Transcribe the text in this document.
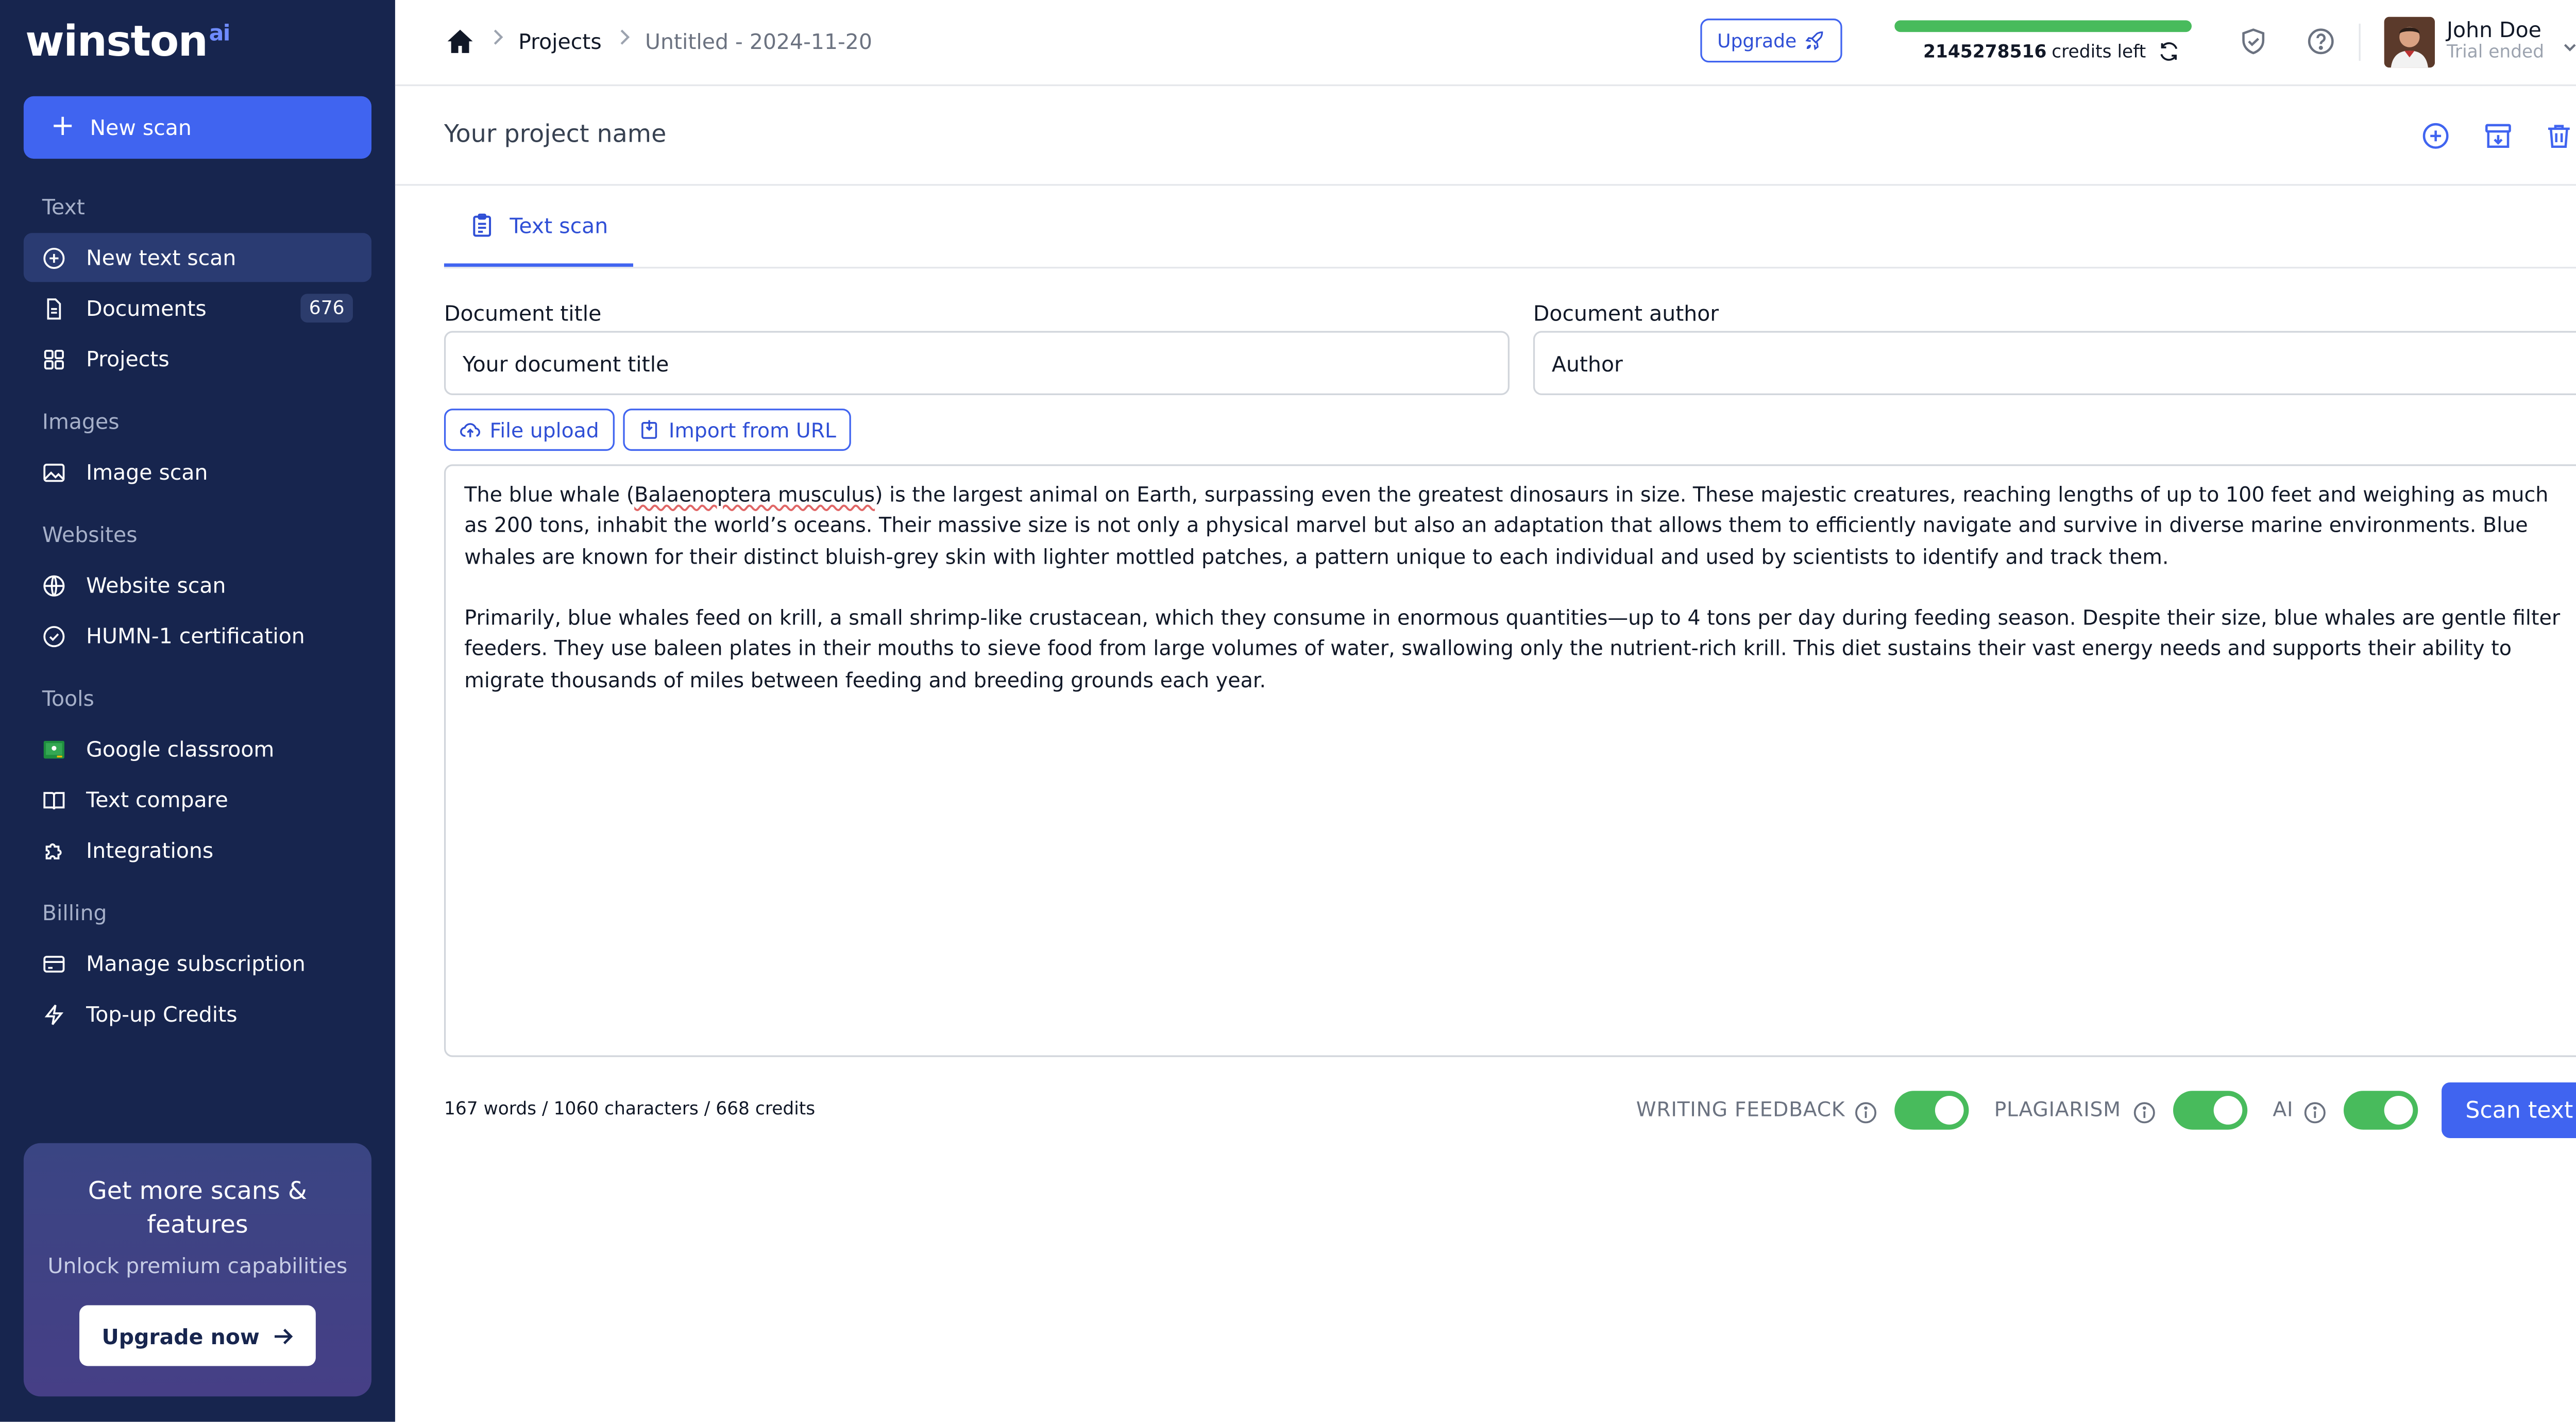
winston $^{ai}$
+ New scan
Text
New text scan
Documents	676
Projects
Images
Image scan
Websites
Website scan
HUMN-1 certification
Tools
Google classroom
Text compare
Integrations
Billing
Manage subscription
Top-up Credits
Get more scans & features
Unlock premium capabilities
Upgrade now
Projects	Untitled - 2024-11-20	Upgrade	2145278516 credits left
John Doe
Trial ended
Your project name
Text scan
Document title
Your document title	Document author
Author
File upload	Import from URL
The blue whale (Balaenoptera musculus) is the largest animal on Earth, surpassing even the greatest dinosaurs in size. These majestic creatures, reaching lengths of up to 100 feet and weighing as much as 200 tons, inhabit the world’s oceans. Their massive size is not only a physical marvel but also an adaptation that allows them to efficiently navigate and survive in diverse marine environments. Blue whales are known for their distinct bluish-grey skin with lighter mottled patches, a pattern unique to each individual and used by scientists to identify and track them.

Primarily, blue whales feed on krill, a small shrimp-like crustacean, which they consume in enormous quantities—up to 4 tons per day during feeding season. Despite their size, blue whales are gentle filter feeders. They use baleen plates in their mouths to sieve food from large volumes of water, swallowing only the nutrient-rich krill. This diet sustains their vast energy needs and supports their ability to migrate thousands of miles between feeding and breeding grounds each year.
167 words / 1060 characters / 668 credits	WRITING FEEDBACK	PLAGIARISM	AI	Scan text
